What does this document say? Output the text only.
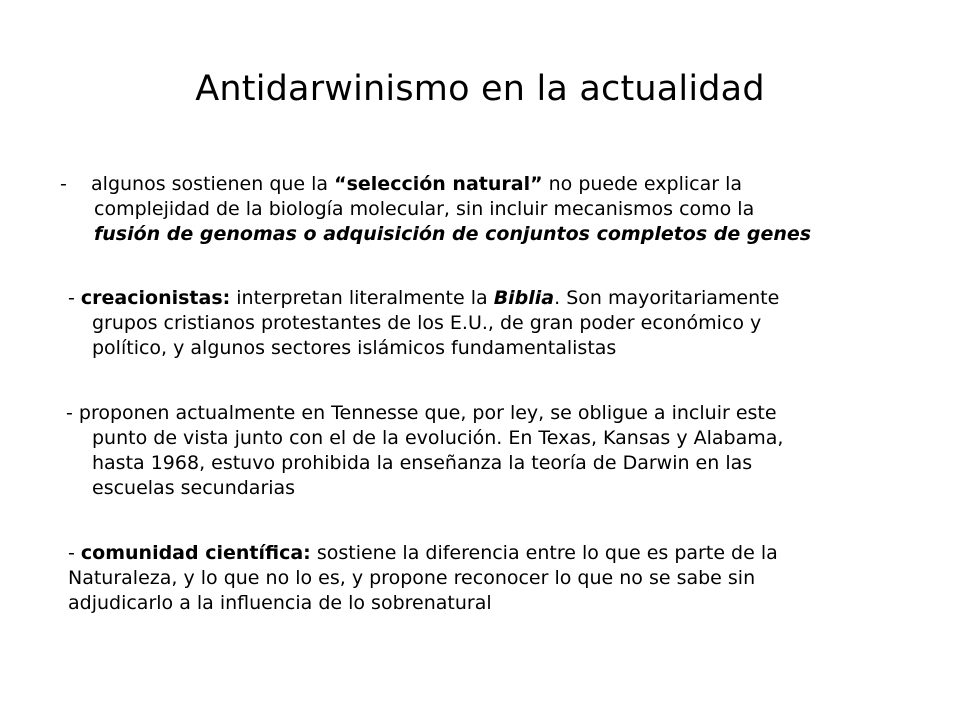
Antidarwinismo en la actualidad
-    algunos sostienen que la “selección natural” no puede explicar la
complejidad de la biología molecular, sin incluir mecanismos como la
fusión de genomas o adquisición de conjuntos completos de genes
- creacionistas: interpretan literalmente la Biblia. Son mayoritariamente
grupos cristianos protestantes de los E.U., de gran poder económico y
político, y algunos sectores islámicos fundamentalistas
- proponen actualmente en Tennesse que, por ley, se obligue a incluir este
punto de vista junto con el de la evolución. En Texas, Kansas y Alabama,
hasta 1968, estuvo prohibida la enseñanza la teoría de Darwin en las
escuelas secundarias
- comunidad científica: sostiene la diferencia entre lo que es parte de la
Naturaleza, y lo que no lo es, y propone reconocer lo que no se sabe sin
adjudicarlo a la influencia de lo sobrenatural
